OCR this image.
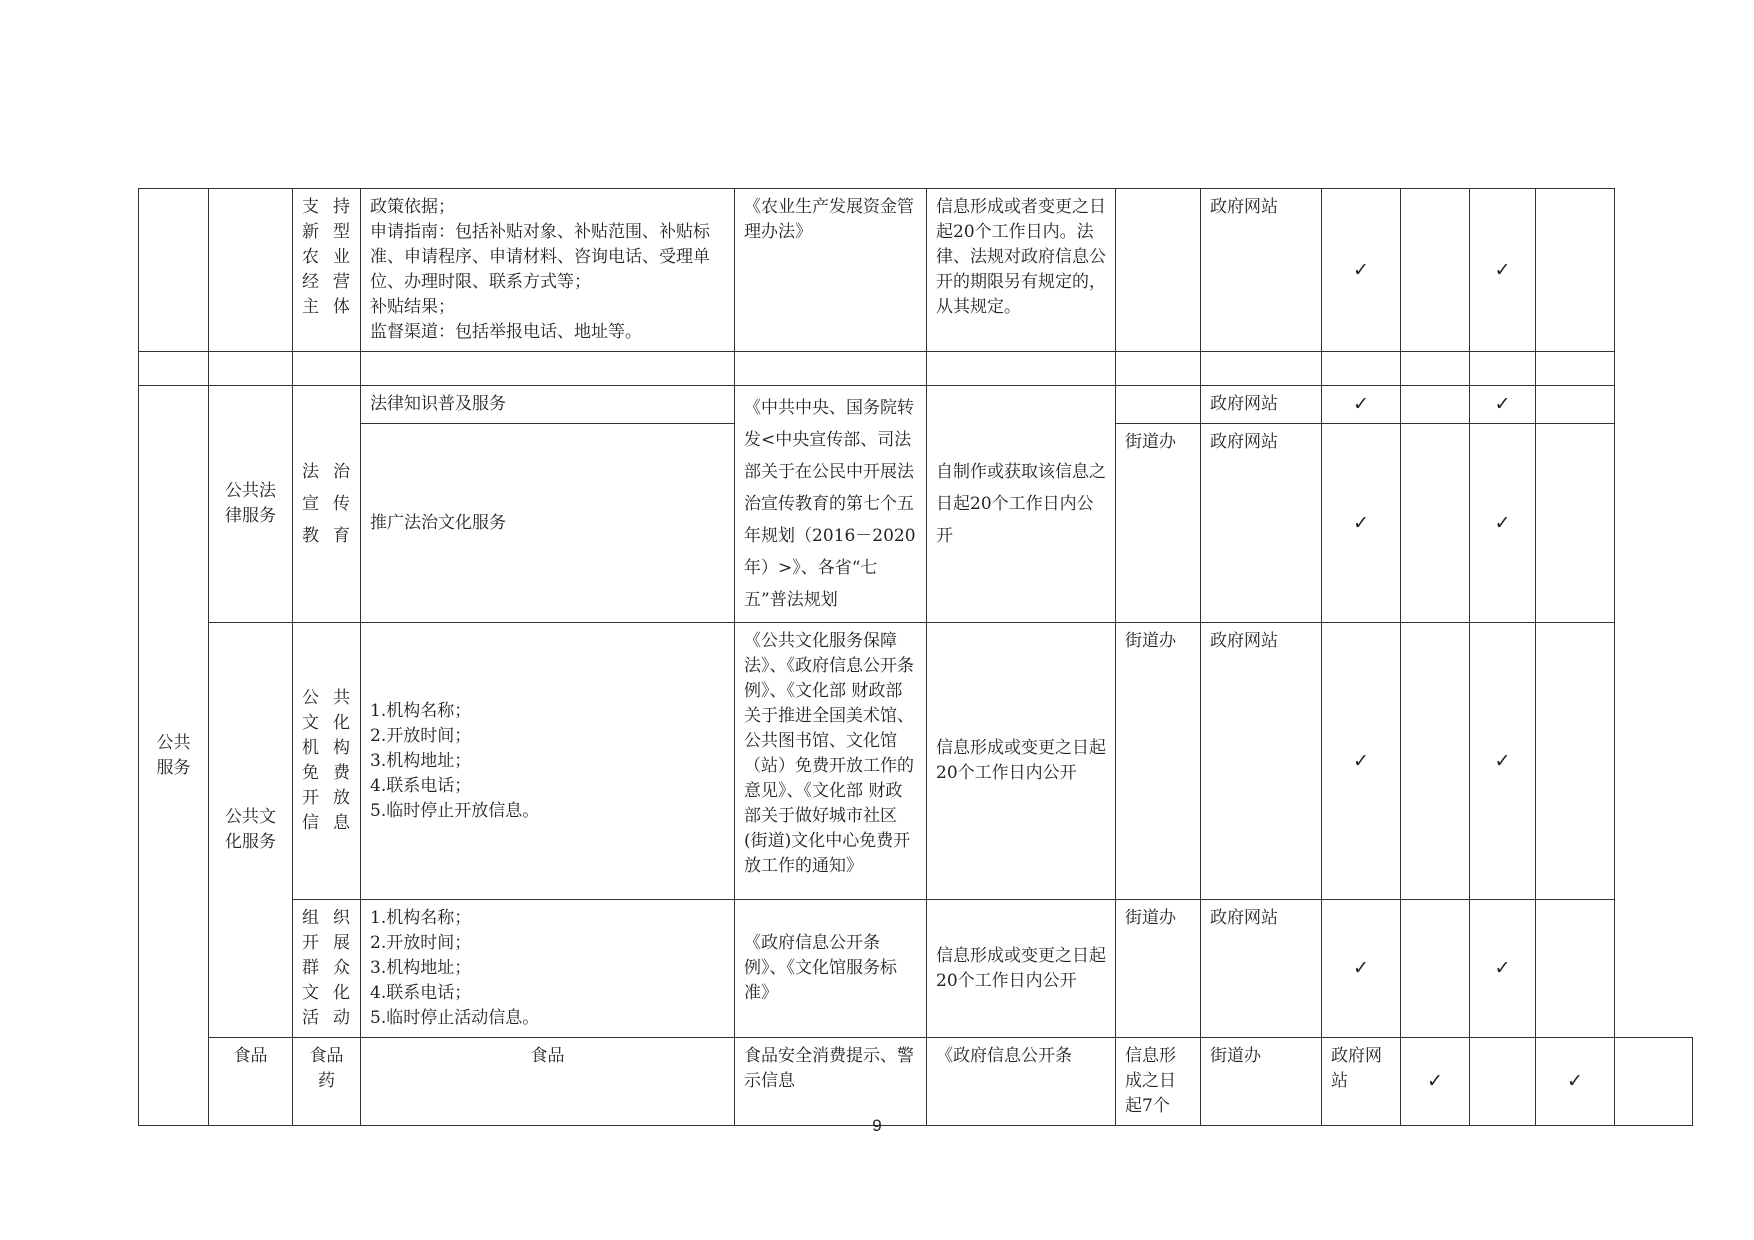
		支持新型农业经营主体	政策依据；
申请指南：包括补贴对象、补贴范围、补贴标准、申请程序、申请材料、咨询电话、受理单位、办理时限、联系方式等；
补贴结果；
监督渠道：包括举报电话、地址等。	《农业生产发展资金管理办法》	信息形成或者变更之日起20个工作日内。法律、法规对政府信息公开的期限另有规定的，从其规定。		政府网站	✓		✓		

公共
服务	公共法
律服务	法治宣传教育	法律知识普及服务	《中共中央、国务院转发<中央宣传部、司法部关于在公民中开展法治宣传教育的第七个五年规划（2016－2020年）>》、各省“七五”普法规划	自制作或获取该信息之日起20个工作日内公开		政府网站	✓		✓		
			推广法治文化服务			街道办	政府网站	✓		✓		
	公共文
化服务	公共文化机构免费开放信息	1.机构名称；
2.开放时间；
3.机构地址；
4.联系电话；
5.临时停止开放信息。	《公共文化服务保障法》、《政府信息公开条例》、《文化部 财政部关于推进全国美术馆、公共图书馆、文化馆（站）免费开放工作的意见》、《文化部 财政部关于做好城市社区(街道)文化中心免费开放工作的通知》	信息形成或变更之日起20个工作日内公开	街道办	政府网站	✓		✓		
		组织开展群众文化活动	1.机构名称；
2.开放时间；
3.机构地址；
4.联系电话；
5.临时停止活动信息。	《政府信息公开条例》、《文化馆服务标准》	信息形成或变更之日起20个工作日内公开	街道办	政府网站	✓		✓		
	食品	食品药	食品	食品安全消费提示、警示信息	《政府信息公开条	信息形成之日起7个	街道办	政府网站	✓		✓	
9
